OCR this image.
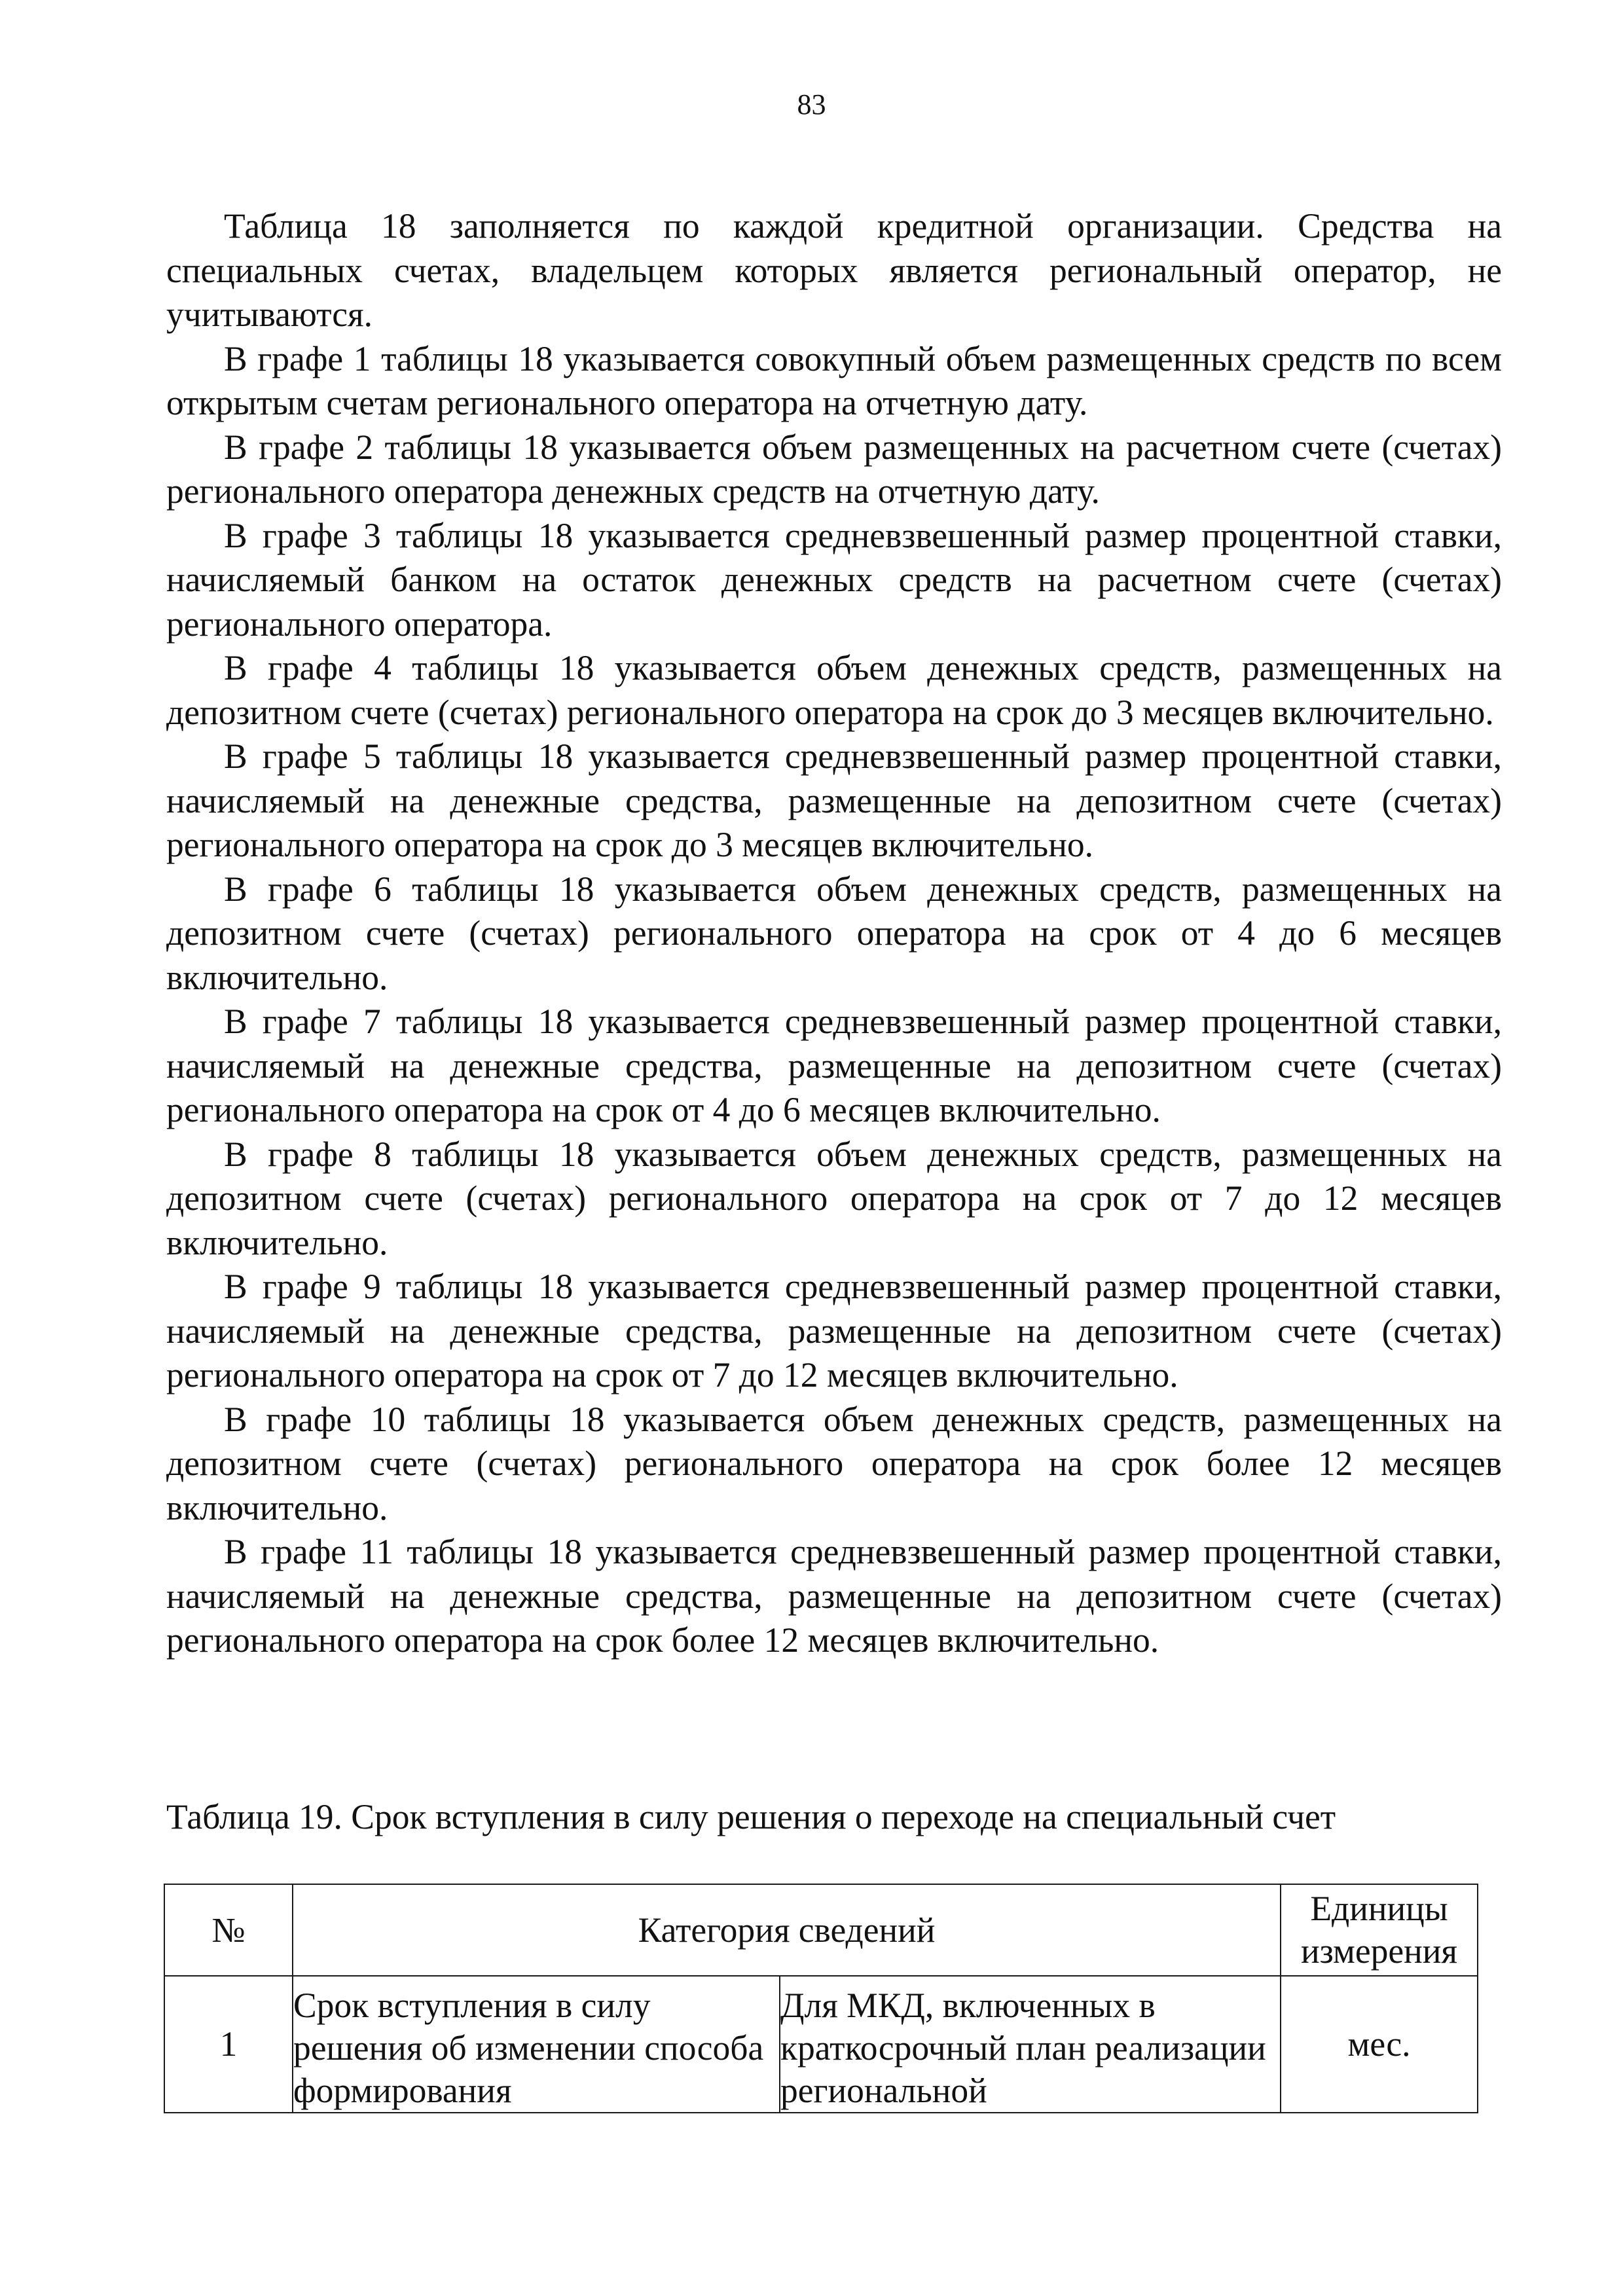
83

Таблица 18 заполняется по каждой кредитной организации. Средства на специальных счетах, владельцем которых является региональный оператор, не учитываются.

В графе 1 таблицы 18 указывается совокупный объем размещенных средств по всем открытым счетам регионального оператора на отчетную дату.

В графе 2 таблицы 18 указывается объем размещенных на расчетном счете (счетах) регионального оператора денежных средств на отчетную дату.

В графе 3 таблицы 18 указывается средневзвешенный размер процентной ставки, начисляемый банком на остаток денежных средств на расчетном счете (счетах) регионального оператора.

В графе 4 таблицы 18 указывается объем денежных средств, размещенных на депозитном счете (счетах) регионального оператора на срок до 3 месяцев включительно.

В графе 5 таблицы 18 указывается средневзвешенный размер процентной ставки, начисляемый на денежные средства, размещенные на депозитном счете (счетах) регионального оператора на срок до 3 месяцев включительно.

В графе 6 таблицы 18 указывается объем денежных средств, размещенных на депозитном счете (счетах) регионального оператора на срок от 4 до 6 месяцев включительно.

В графе 7 таблицы 18 указывается средневзвешенный размер процентной ставки, начисляемый на денежные средства, размещенные на депозитном счете (счетах) регионального оператора на срок от 4 до 6 месяцев включительно.

В графе 8 таблицы 18 указывается объем денежных средств, размещенных на депозитном счете (счетах) регионального оператора на срок от 7 до 12 месяцев включительно.

В графе 9 таблицы 18 указывается средневзвешенный размер процентной ставки, начисляемый на денежные средства, размещенные на депозитном счете (счетах) регионального оператора на срок от 7 до 12 месяцев включительно.

В графе 10 таблицы 18 указывается объем денежных средств, размещенных на депозитном счете (счетах) регионального оператора на срок более 12 месяцев включительно.

В графе 11 таблицы 18 указывается средневзвешенный размер процентной ставки, начисляемый на денежные средства, размещенные на депозитном счете (счетах) регионального оператора на срок более 12 месяцев включительно.

Таблица 19. Срок вступления в силу решения о переходе на специальный счет
№	Категория сведений		Единицы измерения
1	Срок вступления в силу решения об изменении способа формирования	Для МКД, включенных в краткосрочный план реализации региональной	мес.
